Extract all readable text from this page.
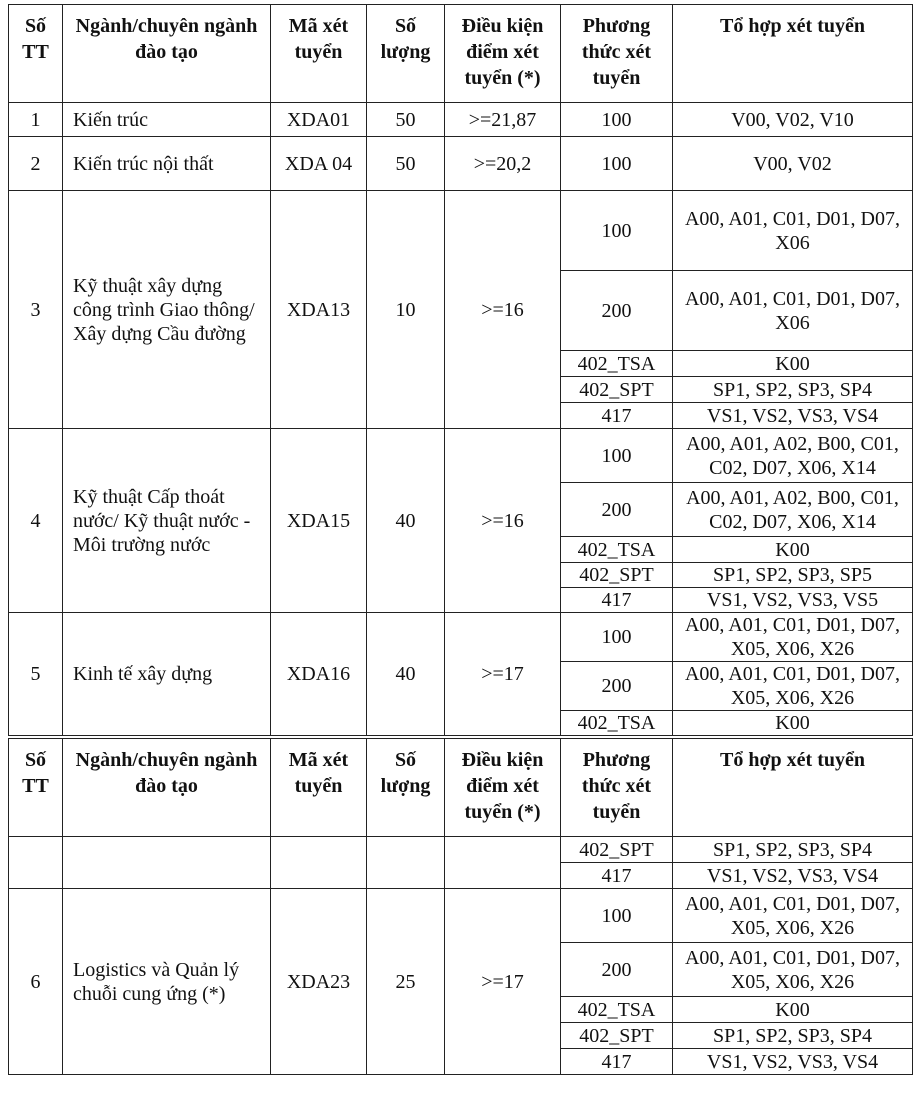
Số TT	Ngành/chuyên ngành đào tạo	Mã xét tuyển	Số lượng	Điều kiện điểm xét tuyển (*)	Phương thức xét tuyển	Tổ hợp xét tuyển
1	Kiến trúc	XDA01	50	>=21,87	100	V00, V02, V10
2	Kiến trúc nội thất	XDA 04	50	>=20,2	100	V00, V02
3	Kỹ thuật xây dựng công trình Giao thông/ Xây dựng Cầu đường	XDA13	10	>=16	100	A00, A01, C01, D01, D07, X06
					200	A00, A01, C01, D01, D07, X06
					402_TSA	K00
					402_SPT	SP1, SP2, SP3, SP4
					417	VS1, VS2, VS3, VS4
4	Kỹ thuật Cấp thoát nước/ Kỹ thuật nước - Môi trường nước	XDA15	40	>=16	100	A00, A01, A02, B00, C01, C02, D07, X06, X14
					200	A00, A01, A02, B00, C01, C02, D07, X06, X14
					402_TSA	K00
					402_SPT	SP1, SP2, SP3, SP5
					417	VS1, VS2, VS3, VS5
5	Kinh tế xây dựng	XDA16	40	>=17	100	A00, A01, C01, D01, D07, X05, X06, X26
					200	A00, A01, C01, D01, D07, X05, X06, X26
					402_TSA	K00
Số TT	Ngành/chuyên ngành đào tạo	Mã xét tuyển	Số lượng	Điều kiện điểm xét tuyển (*)	Phương thức xét tuyển	Tổ hợp xét tuyển
					402_SPT	SP1, SP2, SP3, SP4
					417	VS1, VS2, VS3, VS4
6	Logistics và Quản lý chuỗi cung ứng (*)	XDA23	25	>=17	100	A00, A01, C01, D01, D07, X05, X06, X26
					200	A00, A01, C01, D01, D07, X05, X06, X26
					402_TSA	K00
					402_SPT	SP1, SP2, SP3, SP4
					417	VS1, VS2, VS3, VS4
